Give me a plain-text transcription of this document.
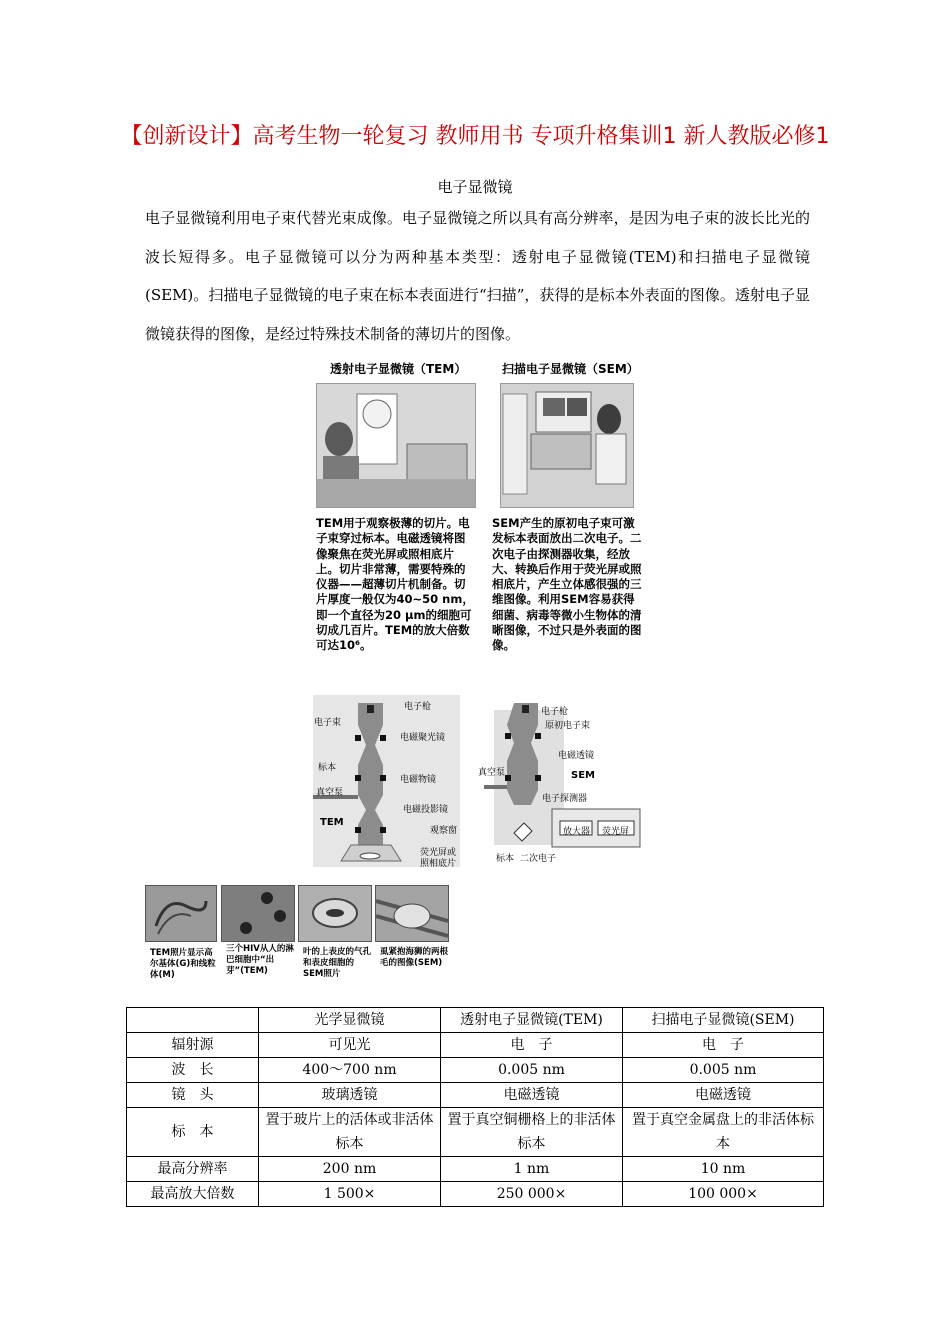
【创新设计】高考生物一轮复习 教师用书 专项升格集训1 新人教版必修1
电子显微镜

电子显微镜利用电子束代替光束成像。电子显微镜之所以具有高分辨率，是因为电子束的波长比光的波长短得多。电子显微镜可以分为两种基本类型：透射电子显微镜(TEM)和扫描电子显微镜(SEM)。扫描电子显微镜的电子束在标本表面进行“扫描”，获得的是标本外表面的图像。透射电子显微镜获得的图像，是经过特殊技术制备的薄切片的图像。

透射电子显微镜（TEM）	扫描电子显微镜（SEM）
TEM用于观察极薄的切片。电子束穿过标本。电磁透镜将图像聚焦在荧光屏或照相底片上。切片非常薄，需要特殊的仪器——超薄切片机制备。切片厚度一般仅为40~50 nm，即一个直径为20 μm的细胞可切成几百片。TEM的放大倍数可达10⁶。
SEM产生的原初电子束可激发标本表面放出二次电子。二次电子由探测器收集，经放大、转换后作用于荧光屏或照相底片，产生立体感很强的三维图像。利用SEM容易获得细菌、病毒等微小生物体的清晰图像，不过只是外表面的图像。
电子枪
电子束
电磁聚光镜
标本
电磁物镜
真空泵
电磁投影镜
TEM
观察窗
荧光屏或
照相底片
电子枪
原初电子束
电磁透镜
真空泵	SEM
电子探测器
放大器 荧光屏
标本 二次电子
TEM照片显示高尔基体(G)和线粒体(M)
三个HIV从人的淋巴细胞中“出芽”(TEM)
叶的上表皮的气孔和表皮细胞的SEM照片
虱紧抱海狮的两根毛的图像(SEM)
	光学显微镜	透射电子显微镜(TEM)	扫描电子显微镜(SEM)
辐射源	可见光	电　子	电　子
波　长	400～700 nm	0.005 nm	0.005 nm
镜　头	玻璃透镜	电磁透镜	电磁透镜
标　本	置于玻片上的活体或非活体标本	置于真空铜栅格上的非活体标本	置于真空金属盘上的非活体标本
最高分辨率	200 nm	1 nm	10 nm
最高放大倍数	1 500×	250 000×	100 000×
